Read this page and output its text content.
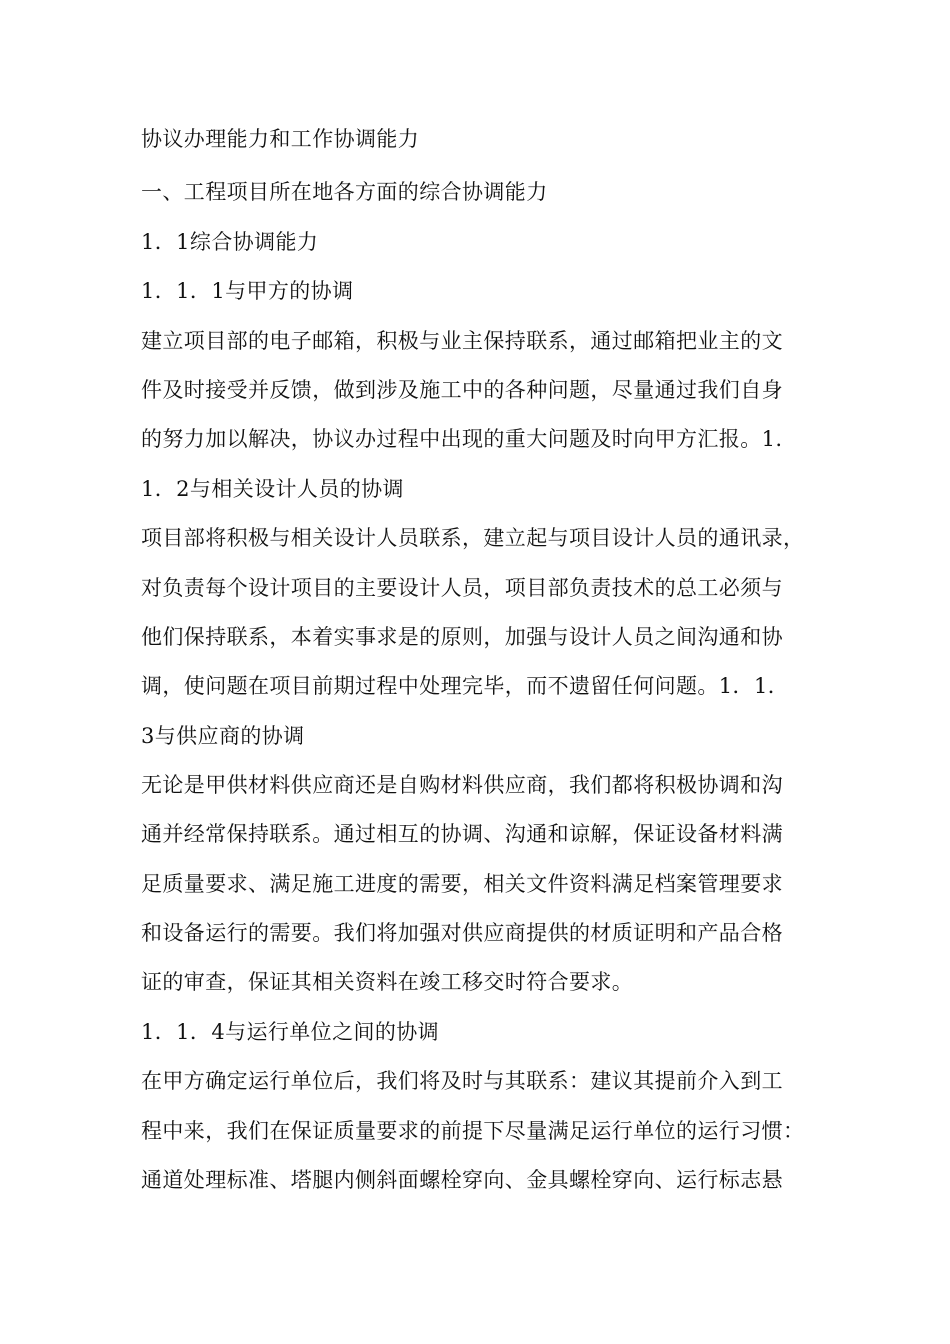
协议办理能力和工作协调能力
一、工程项目所在地各方面的综合协调能力
1．1综合协调能力
1．1．1与甲方的协调
建立项目部的电子邮箱，积极与业主保持联系，通过邮箱把业主的文
件及时接受并反馈，做到涉及施工中的各种问题，尽量通过我们自身
的努力加以解决，协议办过程中出现的重大问题及时向甲方汇报。1.
1．2与相关设计人员的协调
项目部将积极与相关设计人员联系，建立起与项目设计人员的通讯录，
对负责每个设计项目的主要设计人员，项目部负责技术的总工必须与
他们保持联系，本着实事求是的原则，加强与设计人员之间沟通和协
调，使问题在项目前期过程中处理完毕，而不遗留任何问题。1．1．
3与供应商的协调
无论是甲供材料供应商还是自购材料供应商，我们都将积极协调和沟
通并经常保持联系。通过相互的协调、沟通和谅解，保证设备材料满
足质量要求、满足施工进度的需要，相关文件资料满足档案管理要求
和设备运行的需要。我们将加强对供应商提供的材质证明和产品合格
证的审查，保证其相关资料在竣工移交时符合要求。
1．1．4与运行单位之间的协调
在甲方确定运行单位后，我们将及时与其联系：建议其提前介入到工
程中来，我们在保证质量要求的前提下尽量满足运行单位的运行习惯：
通道处理标准、塔腿内侧斜面螺栓穿向、金具螺栓穿向、运行标志悬
